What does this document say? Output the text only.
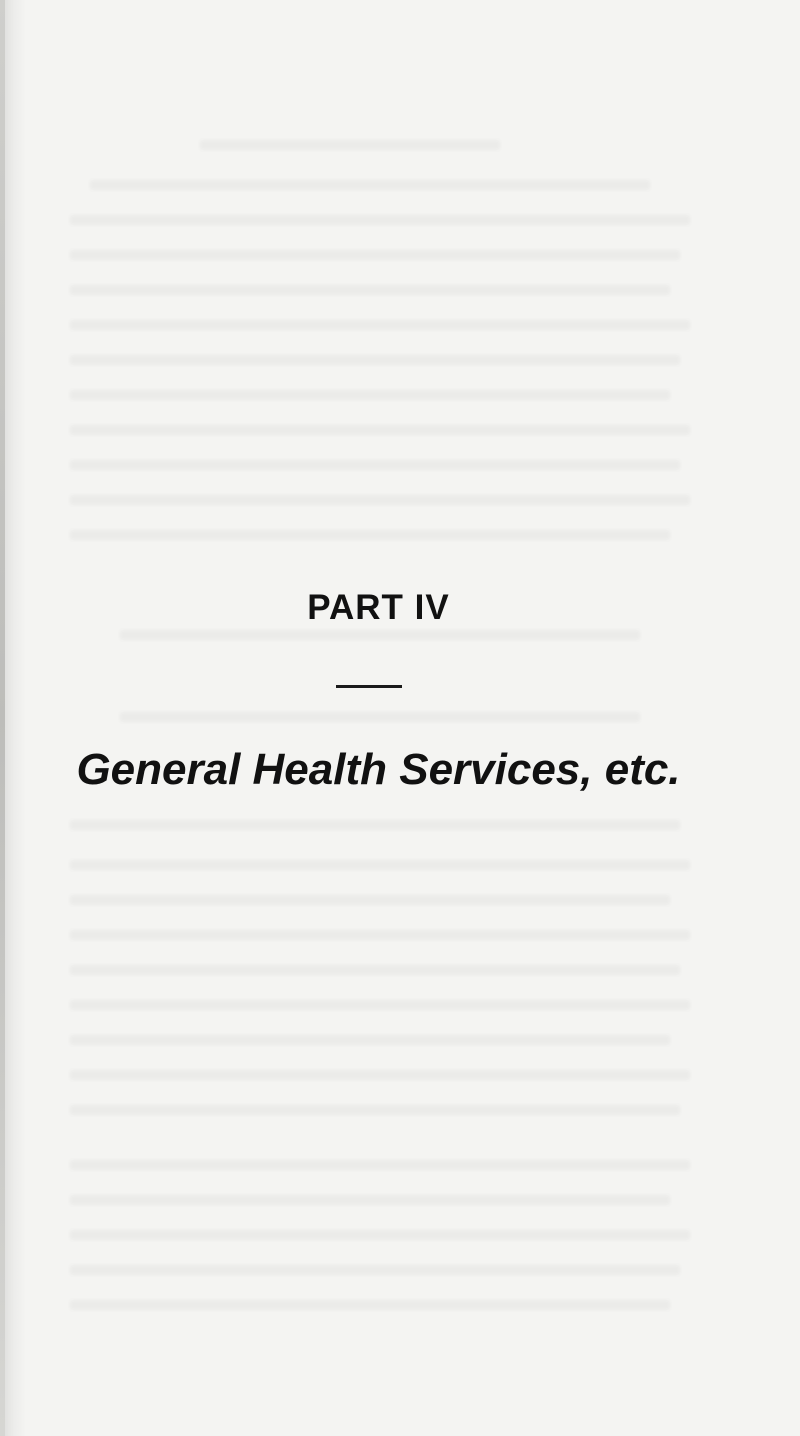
PART IV
General Health Services, etc.
